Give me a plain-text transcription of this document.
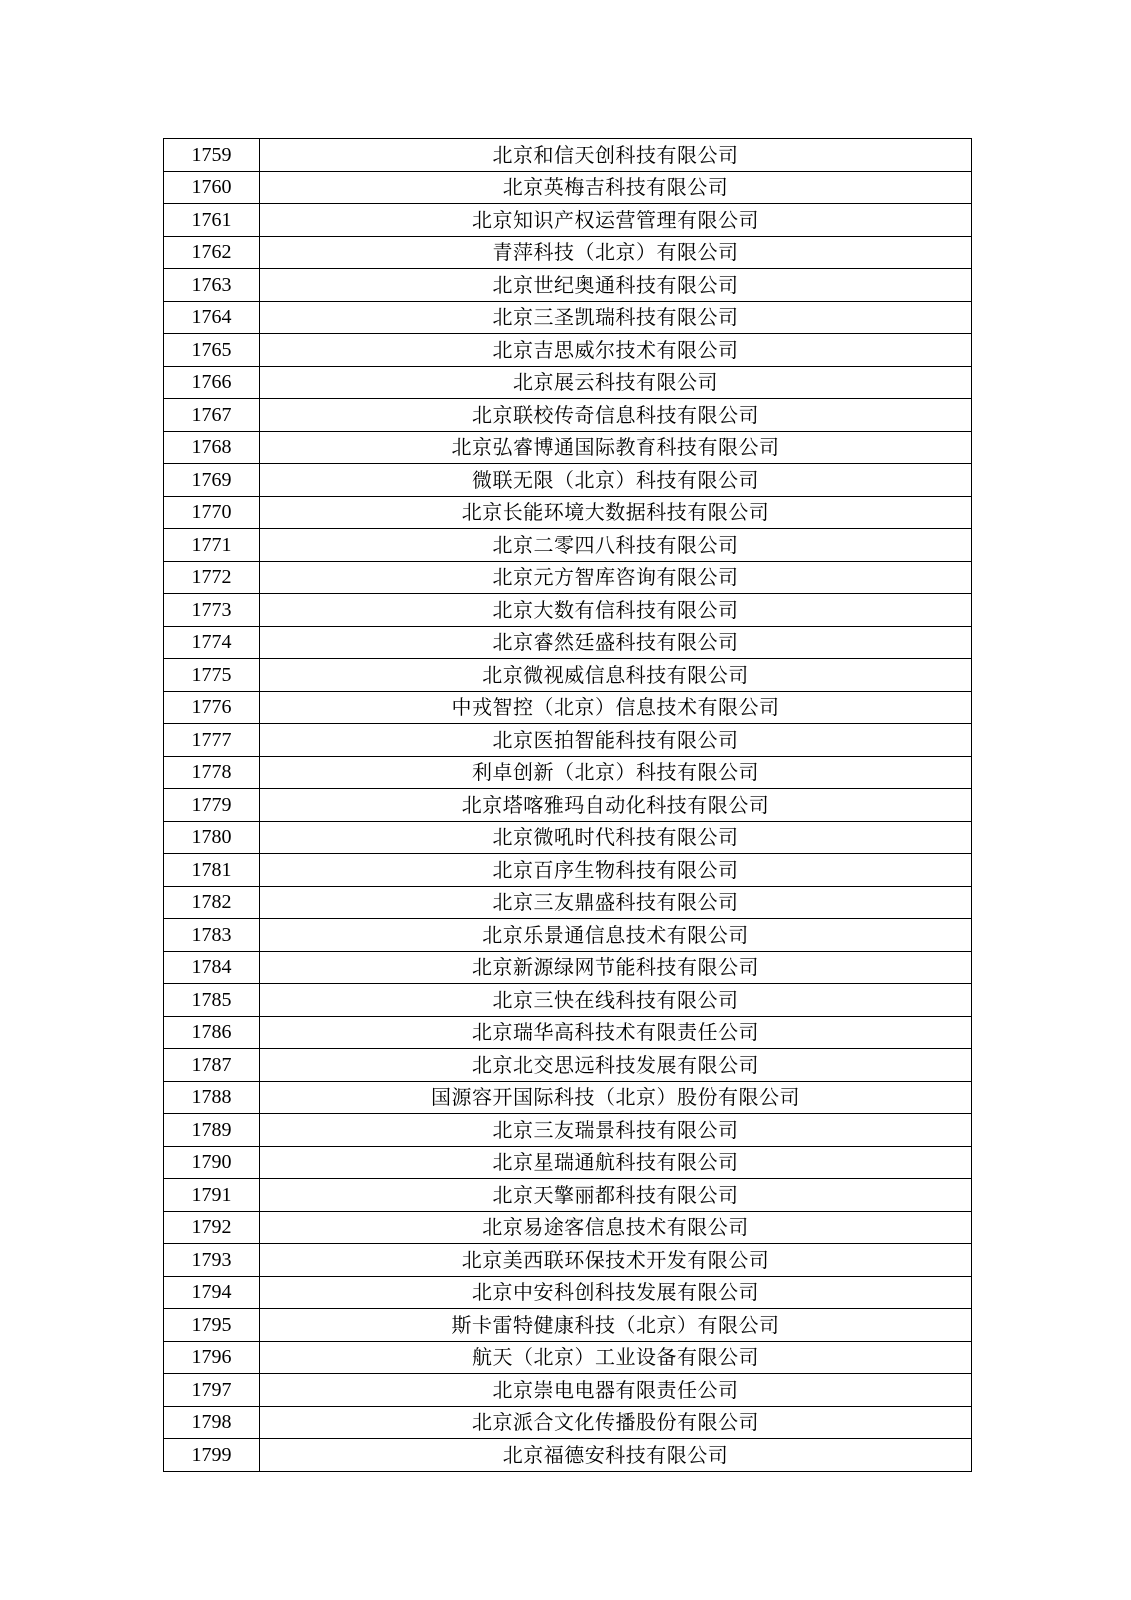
1759	北京和信天创科技有限公司
1760	北京英梅吉科技有限公司
1761	北京知识产权运营管理有限公司
1762	青萍科技（北京）有限公司
1763	北京世纪奥通科技有限公司
1764	北京三圣凯瑞科技有限公司
1765	北京吉思威尔技术有限公司
1766	北京展云科技有限公司
1767	北京联校传奇信息科技有限公司
1768	北京弘睿博通国际教育科技有限公司
1769	微联无限（北京）科技有限公司
1770	北京长能环境大数据科技有限公司
1771	北京二零四八科技有限公司
1772	北京元方智库咨询有限公司
1773	北京大数有信科技有限公司
1774	北京睿然廷盛科技有限公司
1775	北京微视威信息科技有限公司
1776	中戎智控（北京）信息技术有限公司
1777	北京医拍智能科技有限公司
1778	利卓创新（北京）科技有限公司
1779	北京塔喀雅玛自动化科技有限公司
1780	北京微吼时代科技有限公司
1781	北京百序生物科技有限公司
1782	北京三友鼎盛科技有限公司
1783	北京乐景通信息技术有限公司
1784	北京新源绿网节能科技有限公司
1785	北京三快在线科技有限公司
1786	北京瑞华高科技术有限责任公司
1787	北京北交思远科技发展有限公司
1788	国源容开国际科技（北京）股份有限公司
1789	北京三友瑞景科技有限公司
1790	北京星瑞通航科技有限公司
1791	北京天擎丽都科技有限公司
1792	北京易途客信息技术有限公司
1793	北京美西联环保技术开发有限公司
1794	北京中安科创科技发展有限公司
1795	斯卡雷特健康科技（北京）有限公司
1796	航天（北京）工业设备有限公司
1797	北京崇电电器有限责任公司
1798	北京派合文化传播股份有限公司
1799	北京福德安科技有限公司
